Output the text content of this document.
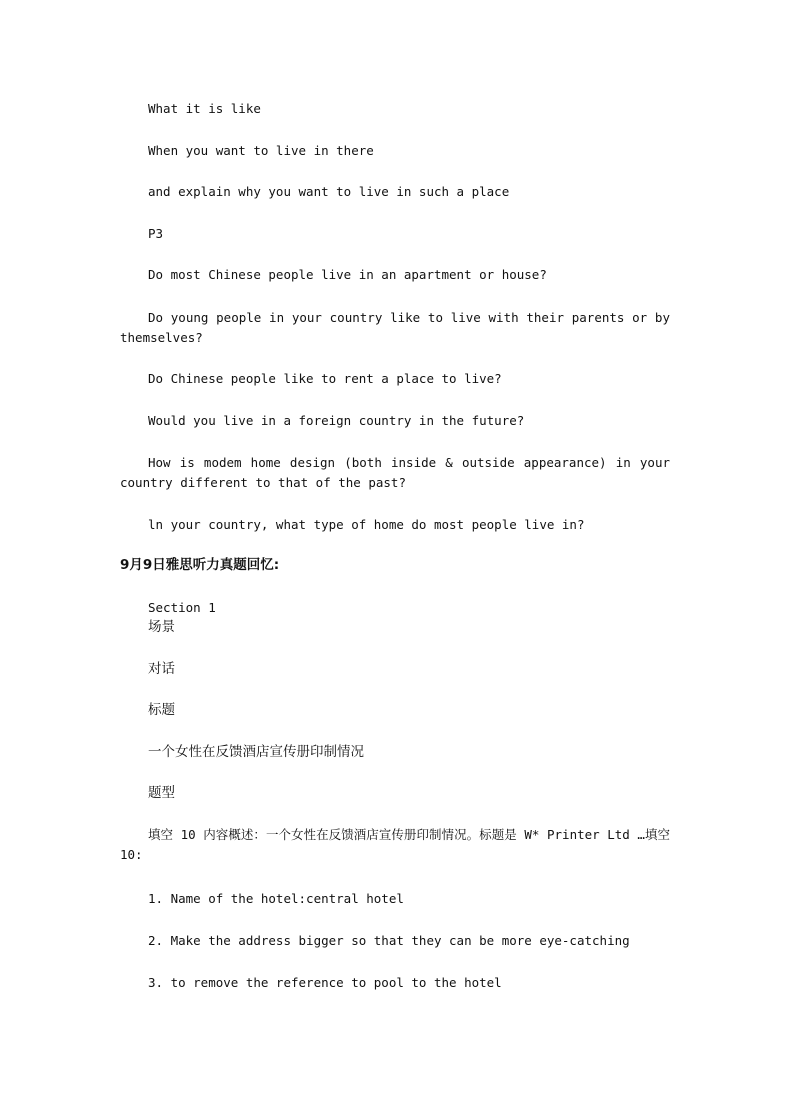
What it is like
When you want to live in there
and explain why you want to live in such a place
P3
Do most Chinese people live in an apartment or house?
Do young people in your country like to live with their parents or by themselves?
Do Chinese people like to rent a place to live?
Would you live in a foreign country in the future?
How is modem home design (both inside & outside appearance) in your country different to that of the past?
ln your country, what type of home do most people live in?
9月9日雅思听力真题回忆:
Section 1
场景
对话
标题
一个女性在反馈酒店宣传册印制情况
题型
填空 10 内容概述：一个女性在反馈酒店宣传册印制情况。标题是 W* Printer Ltd …填空 10:
1. Name of the hotel:central hotel
2. Make the address bigger so that they can be more eye-catching
3. to remove the reference to pool to the hotel
